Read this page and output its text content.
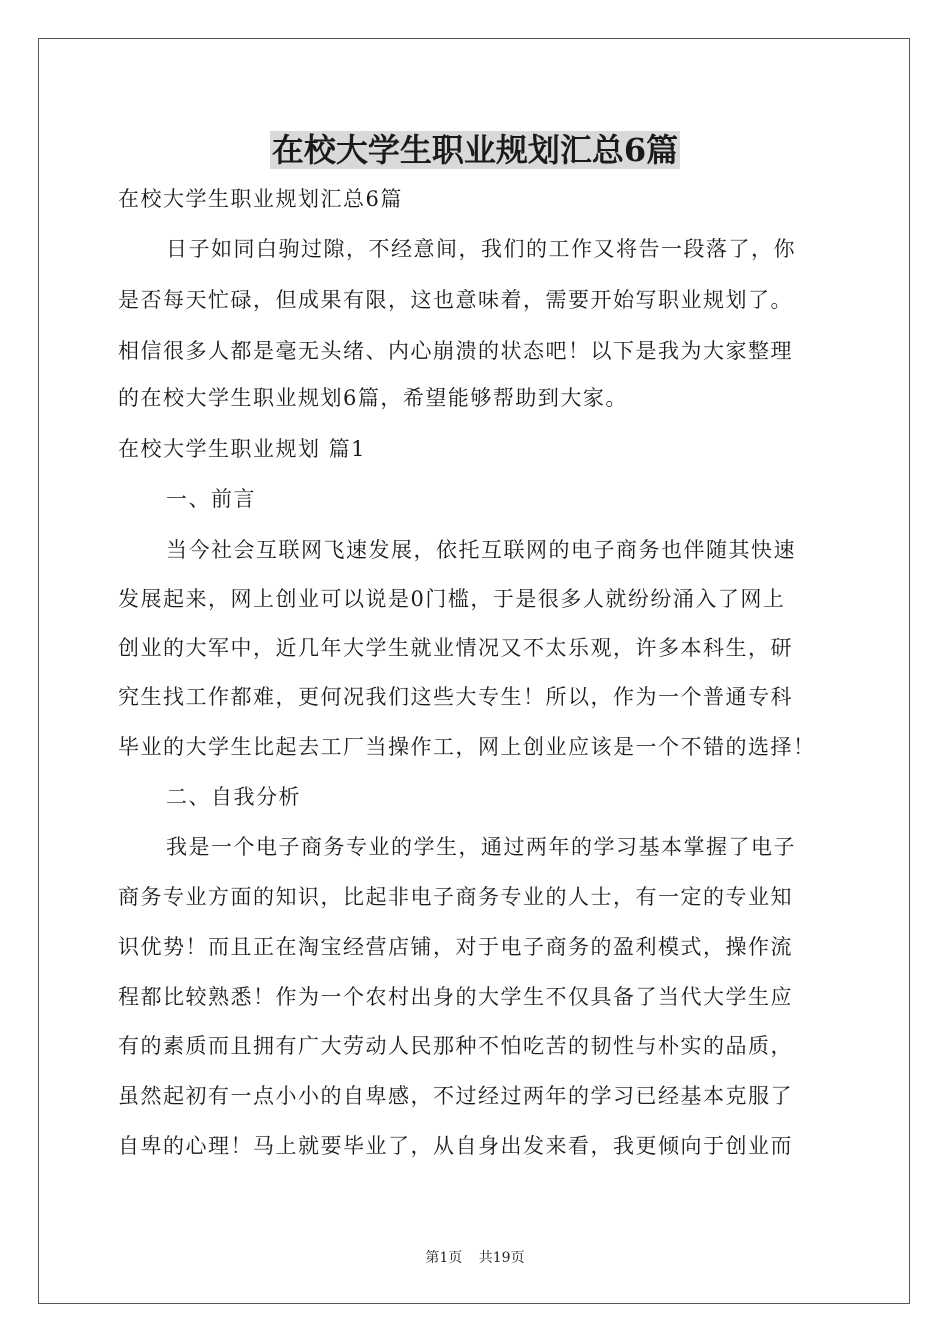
在校大学生职业规划汇总6篇

在校大学生职业规划汇总6篇

日子如同白驹过隙，不经意间，我们的工作又将告一段落了，你

是否每天忙碌，但成果有限，这也意味着，需要开始写职业规划了。

相信很多人都是毫无头绪、内心崩溃的状态吧！以下是我为大家整理

的在校大学生职业规划6篇，希望能够帮助到大家。

在校大学生职业规划 篇1

一、前言

当今社会互联网飞速发展，依托互联网的电子商务也伴随其快速

发展起来，网上创业可以说是0门槛，于是很多人就纷纷涌入了网上

创业的大军中，近几年大学生就业情况又不太乐观，许多本科生，研

究生找工作都难，更何况我们这些大专生！所以，作为一个普通专科

毕业的大学生比起去工厂当操作工，网上创业应该是一个不错的选择！

二、自我分析

我是一个电子商务专业的学生，通过两年的学习基本掌握了电子

商务专业方面的知识，比起非电子商务专业的人士，有一定的专业知

识优势！而且正在淘宝经营店铺，对于电子商务的盈利模式，操作流

程都比较熟悉！作为一个农村出身的大学生不仅具备了当代大学生应

有的素质而且拥有广大劳动人民那种不怕吃苦的韧性与朴实的品质，

虽然起初有一点小小的自卑感，不过经过两年的学习已经基本克服了

自卑的心理！马上就要毕业了，从自身出发来看，我更倾向于创业而

第1页 共19页
